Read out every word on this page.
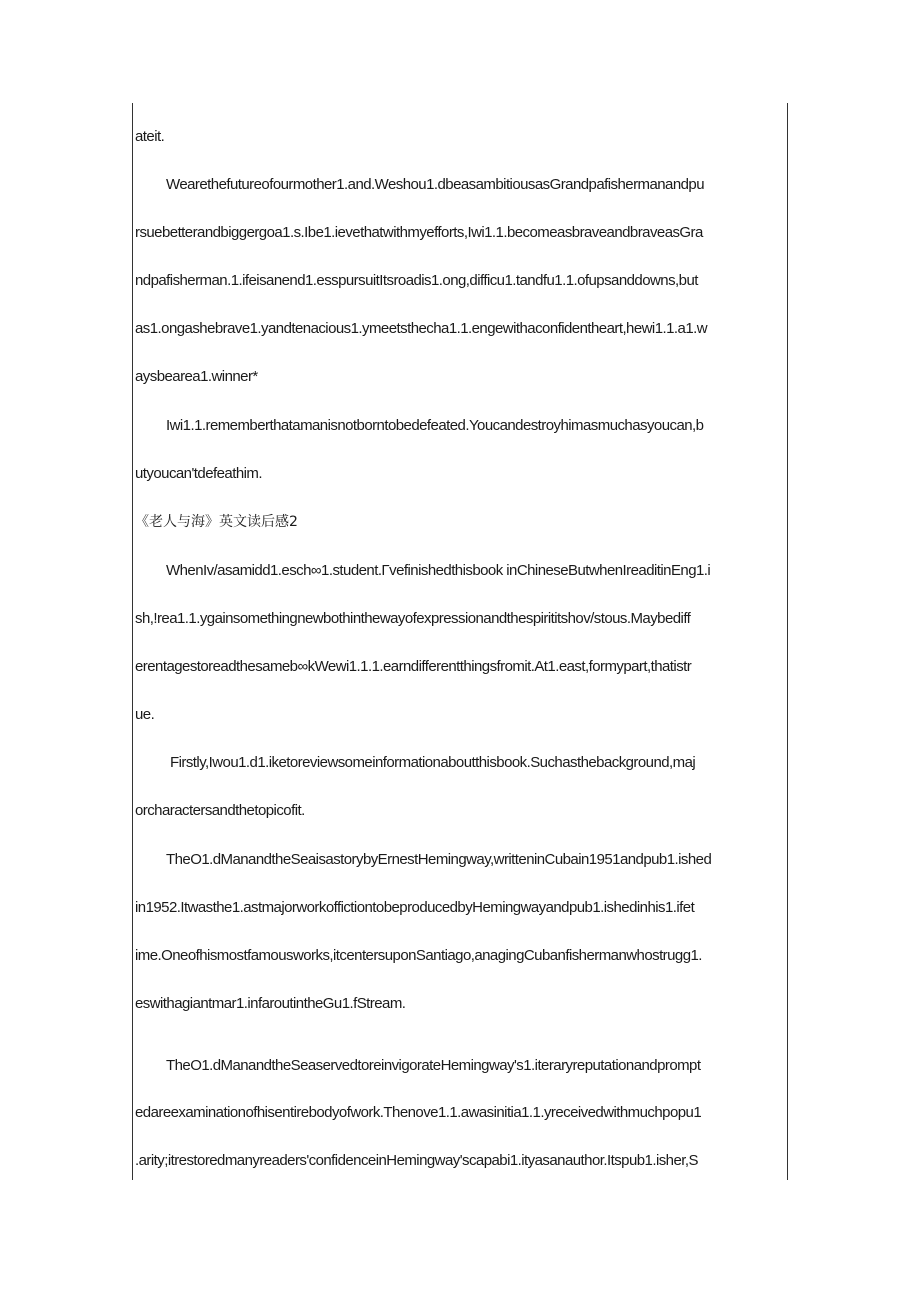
ateit.
Wearethefutureofourmother1.and.Weshou1.dbeasambitiousasGrandpafishermanandpu
rsuebetterandbiggergoa1.s.Ibe1.ievethatwithmyefforts,Iwi1.1.becomeasbraveandbraveasGra
ndpafisherman.1.ifeisanend1.esspursuitItsroadis1.ong,difficu1.tandfu1.1.ofupsanddowns,but
as1.ongashebrave1.yandtenacious1.ymeetsthecha1.1.engewithaconfidentheart,hewi1.1.a1.w
aysbearea1.winner*
Iwi1.1.rememberthatamanisnotborntobedefeated.Youcandestroyhimasmuchasyoucan,b
utyoucan'tdefeathim.
《老人与海》英文读后感2
WhenIv/asamidd1.esch∞1.student.Γvefinishedthisbook inChineseButwhenIreaditinEng1.i
sh,!rea1.1.ygainsomethingnewbothinthewayofexpressionandthespirititshov/stous.Maybediff
erentagestoreadthesameb∞kWewi1.1.1.earndifferentthingsfromit.At1.east,formypart,thatistr
ue.
Firstly,Iwou1.d1.iketoreviewsomeinformationaboutthisbook.Suchasthebackground,maj
orcharactersandthetopicofit.
TheO1.dManandtheSeaisastorybyErnestHemingway,writteninCubain1951andpub1.ished
in1952.Itwasthe1.astmajorworkoffictiontobeproducedbyHemingwayandpub1.ishedinhis1.ifet
ime.Oneofhismostfamousworks,itcentersuponSantiago,anagingCubanfishermanwhostrugg1.
eswithagiantmar1.infaroutintheGu1.fStream.
TheO1.dManandtheSeaservedtoreinvigorateHemingway's1.iteraryreputationandprompt
edareexaminationofhisentirebodyofwork.Thenove1.1.awasinitia1.1.yreceivedwithmuchpopu1
.arity;itrestoredmanyreaders'confidenceinHemingway'scapabi1.ityasanauthor.Itspub1.isher,S
